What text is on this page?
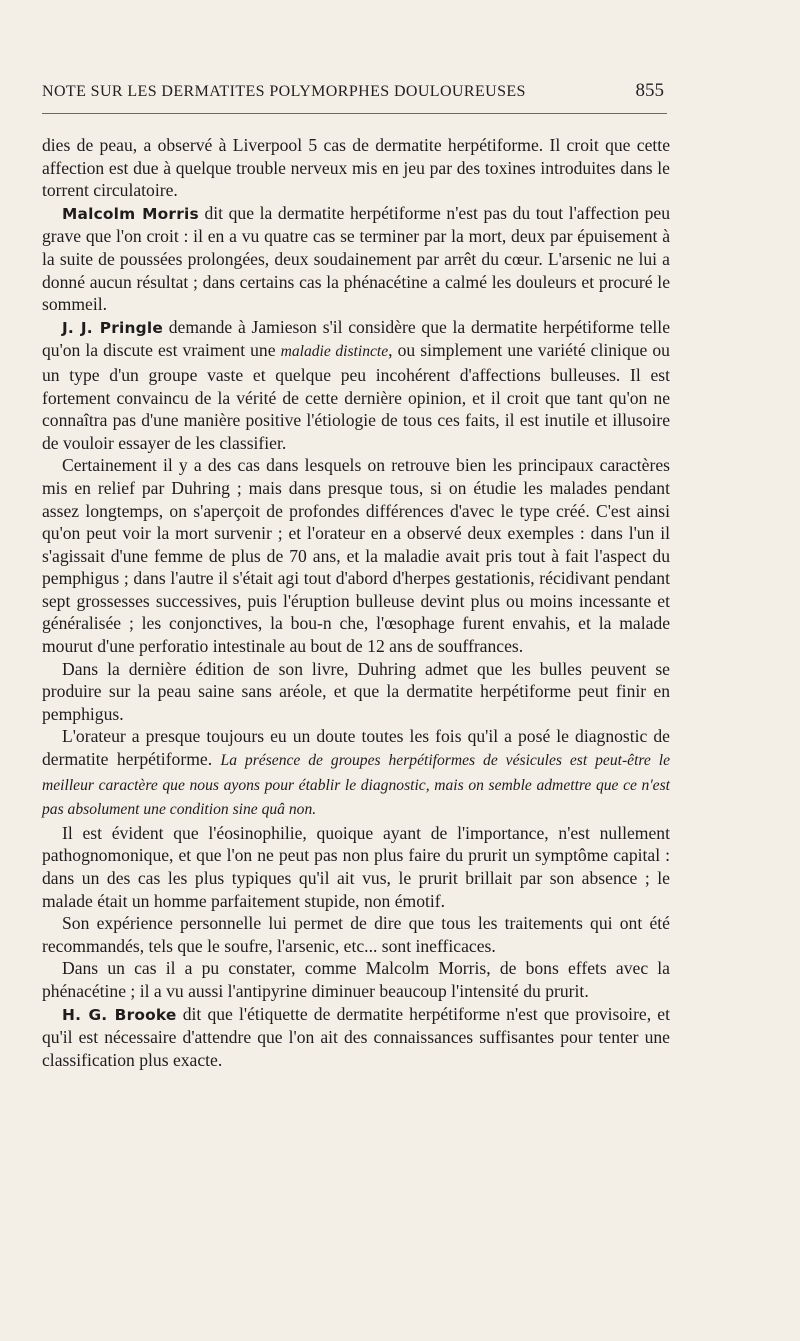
NOTE SUR LES DERMATITES POLYMORPHES DOULOUREUSES	855

dies de peau, a observé à Liverpool 5 cas de dermatite herpétiforme. Il croit que cette affection est due à quelque trouble nerveux mis en jeu par des toxines introduites dans le torrent circulatoire.

Malcolm Morris dit que la dermatite herpétiforme n'est pas du tout l'affection peu grave que l'on croit : il en a vu quatre cas se terminer par la mort, deux par épuisement à la suite de poussées prolongées, deux soudainement par arrêt du cœur. L'arsenic ne lui a donné aucun résultat ; dans certains cas la phénacétine a calmé les douleurs et procuré le sommeil.

J. J. Pringle demande à Jamieson s'il considère que la dermatite herpétiforme telle qu'on la discute est vraiment une maladie distincte, ou simplement une variété clinique ou un type d'un groupe vaste et quelque peu incohérent d'affections bulleuses. Il est fortement convaincu de la vérité de cette dernière opinion, et il croit que tant qu'on ne connaîtra pas d'une manière positive l'étiologie de tous ces faits, il est inutile et illusoire de vouloir essayer de les classifier.

Certainement il y a des cas dans lesquels on retrouve bien les principaux caractères mis en relief par Duhring ; mais dans presque tous, si on étudie les malades pendant assez longtemps, on s'aperçoit de profondes différences d'avec le type créé. C'est ainsi qu'on peut voir la mort survenir ; et l'orateur en a observé deux exemples : dans l'un il s'agissait d'une femme de plus de 70 ans, et la maladie avait pris tout à fait l'aspect du pemphigus ; dans l'autre il s'était agi tout d'abord d'herpes gestationis, récidivant pendant sept grossesses successives, puis l'éruption bulleuse devint plus ou moins incessante et généralisée ; les conjonctives, la bou-n che, l'œsophage furent envahis, et la malade mourut d'une perforatio intestinale au bout de 12 ans de souffrances.

Dans la dernière édition de son livre, Duhring admet que les bulles peuvent se produire sur la peau saine sans aréole, et que la dermatite herpétiforme peut finir en pemphigus.

L'orateur a presque toujours eu un doute toutes les fois qu'il a posé le diagnostic de dermatite herpétiforme. La présence de groupes herpétiformes de vésicules est peut-être le meilleur caractère que nous ayons pour établir le diagnostic, mais on semble admettre que ce n'est pas absolument une condition sine quâ non.

Il est évident que l'éosinophilie, quoique ayant de l'importance, n'est nullement pathognomonique, et que l'on ne peut pas non plus faire du prurit un symptôme capital : dans un des cas les plus typiques qu'il ait vus, le prurit brillait par son absence ; le malade était un homme parfaitement stupide, non émotif.

Son expérience personnelle lui permet de dire que tous les traitements qui ont été recommandés, tels que le soufre, l'arsenic, etc... sont inefficaces.

Dans un cas il a pu constater, comme Malcolm Morris, de bons effets avec la phénacétine ; il a vu aussi l'antipyrine diminuer beaucoup l'intensité du prurit.

H. G. Brooke dit que l'étiquette de dermatite herpétiforme n'est que provisoire, et qu'il est nécessaire d'attendre que l'on ait des connaissances suffisantes pour tenter une classification plus exacte.
